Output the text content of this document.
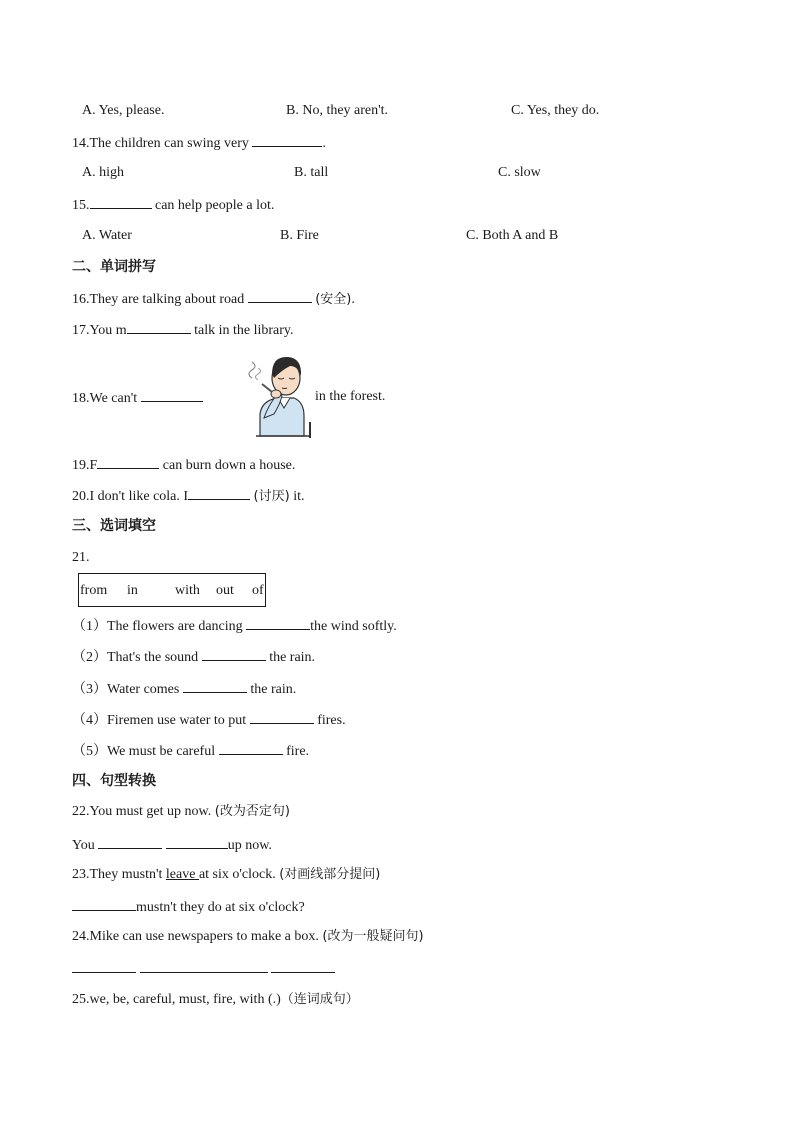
A. Yes, please.	B. No, they aren't.	C. Yes, they do.
14.The children can swing very	.
A. high	B. tall	C. slow
15.	can help people a lot.
A. Water	B. Fire	C. Both A and B
二、单词拼写
16.They are talking about road	(安全).
17.You m	talk in the library.
18.We can't	in the forest.
19.F	can burn down a house.
20.I don't like cola. I	(讨厌) it.
三、选词填空
21.
from in	with out of
（1）The flowers are dancing	the wind softly.
（2）That's the sound	the rain.
（3）Water comes	the rain.
（4）Firemen use water to put	fires.
（5）We must be careful	fire.
四、句型转换
22.You must get up now. (改为否定句)
You	up now.
23.They mustn't leave at six o'clock. (对画线部分提问)
mustn't they do at six o'clock?
24.Mike can use newspapers to make a box. (改为一般疑问句)

25.we, be, careful, must, fire, with (.)（连词成句）
